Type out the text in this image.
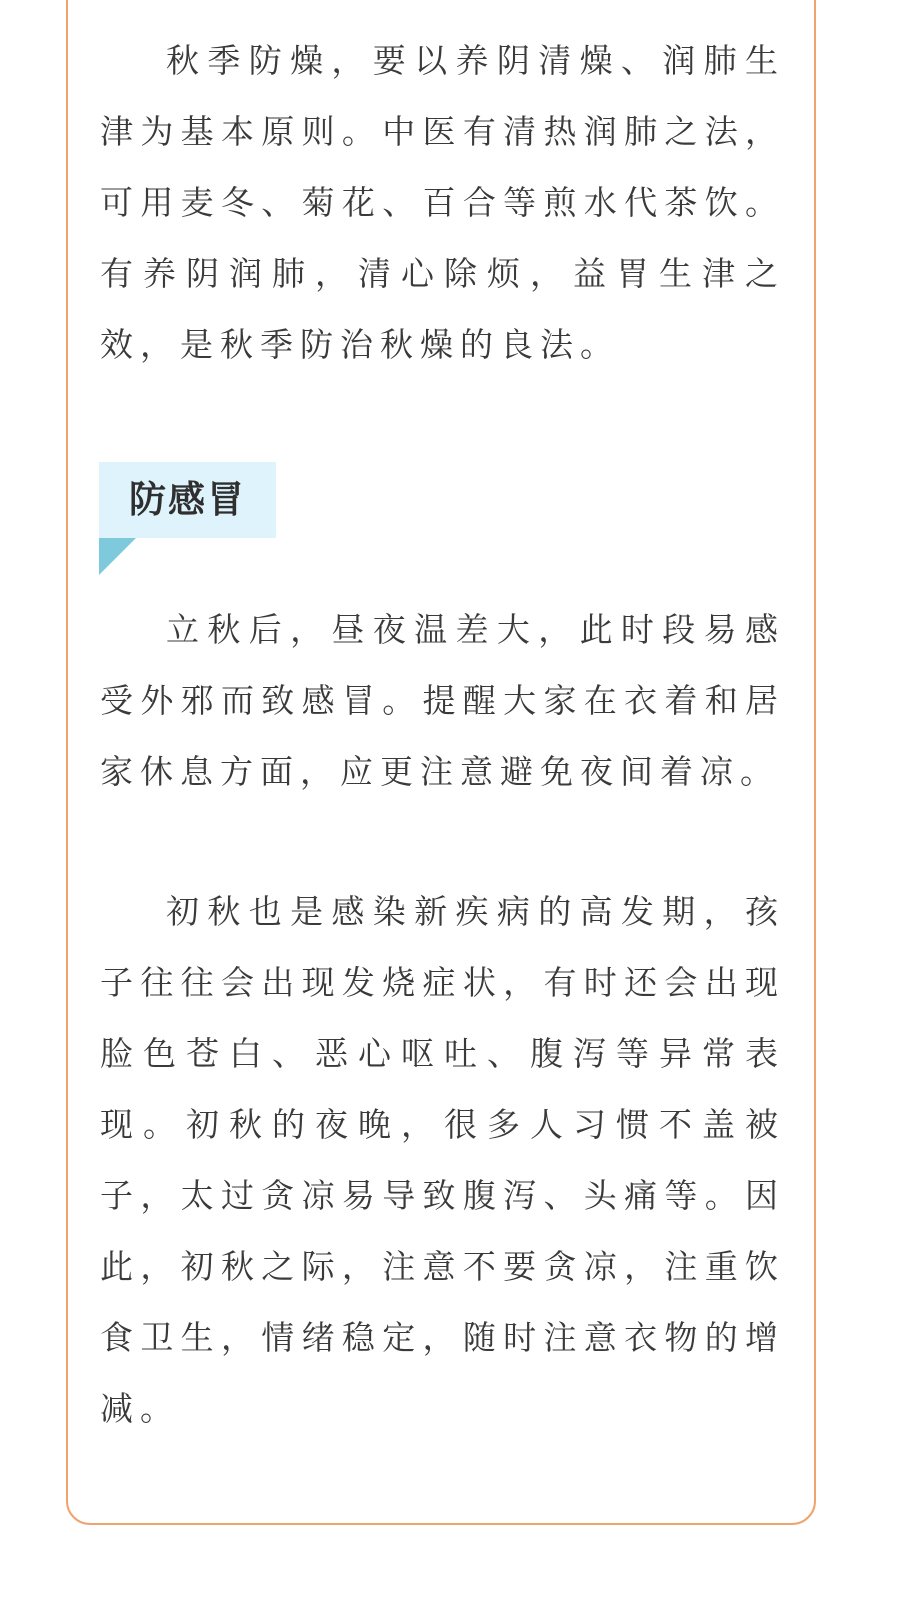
秋季防燥，要以养阴清燥、润肺生津为基本原则。中医有清热润肺之法，可用麦冬、菊花、百合等煎水代茶饮。有养阴润肺，清心除烦，益胃生津之效，是秋季防治秋燥的良法。

防感冒

立秋后，昼夜温差大，此时段易感受外邪而致感冒。提醒大家在衣着和居家休息方面，应更注意避免夜间着凉。

初秋也是感染新疾病的高发期，孩子往往会出现发烧症状，有时还会出现脸色苍白、恶心呕吐、腹泻等异常表现。初秋的夜晚，很多人习惯不盖被子，太过贪凉易导致腹泻、头痛等。因此，初秋之际，注意不要贪凉，注重饮食卫生，情绪稳定，随时注意衣物的增减。
